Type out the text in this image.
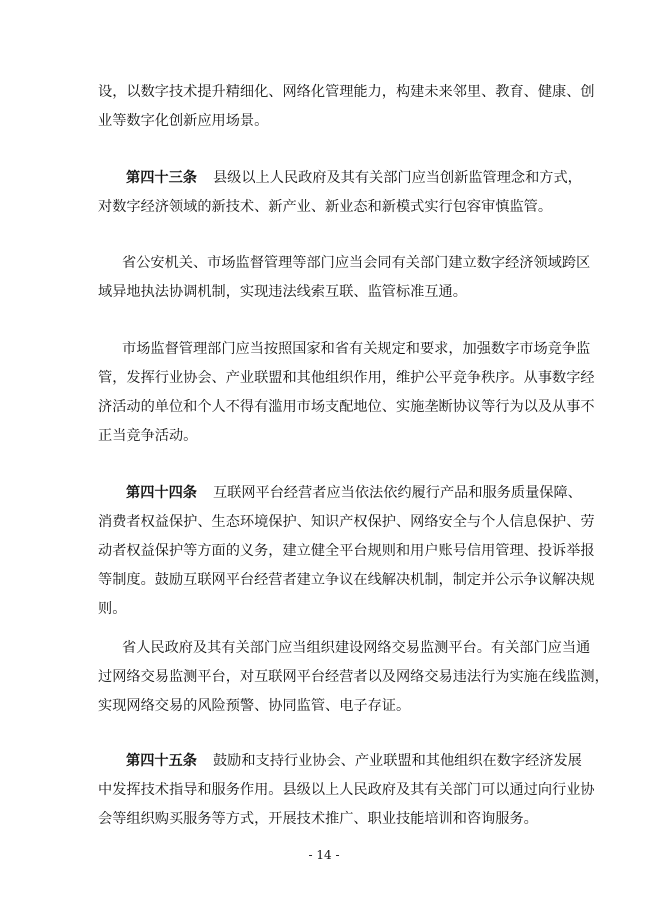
设，以数字技术提升精细化、网络化管理能力，构建未来邻里、教育、健康、创
业等数字化创新应用场景。
第四十三条 县级以上人民政府及其有关部门应当创新监管理念和方式，
对数字经济领域的新技术、新产业、新业态和新模式实行包容审慎监管。
省公安机关、市场监督管理等部门应当会同有关部门建立数字经济领域跨区
域异地执法协调机制，实现违法线索互联、监管标准互通。
市场监督管理部门应当按照国家和省有关规定和要求，加强数字市场竞争监
管，发挥行业协会、产业联盟和其他组织作用，维护公平竞争秩序。从事数字经
济活动的单位和个人不得有滥用市场支配地位、实施垄断协议等行为以及从事不
正当竞争活动。
第四十四条 互联网平台经营者应当依法依约履行产品和服务质量保障、
消费者权益保护、生态环境保护、知识产权保护、网络安全与个人信息保护、劳
动者权益保护等方面的义务，建立健全平台规则和用户账号信用管理、投诉举报
等制度。鼓励互联网平台经营者建立争议在线解决机制，制定并公示争议解决规
则。
省人民政府及其有关部门应当组织建设网络交易监测平台。有关部门应当通
过网络交易监测平台，对互联网平台经营者以及网络交易违法行为实施在线监测，
实现网络交易的风险预警、协同监管、电子存证。
第四十五条 鼓励和支持行业协会、产业联盟和其他组织在数字经济发展
中发挥技术指导和服务作用。县级以上人民政府及其有关部门可以通过向行业协
会等组织购买服务等方式，开展技术推广、职业技能培训和咨询服务。
- 14 -
